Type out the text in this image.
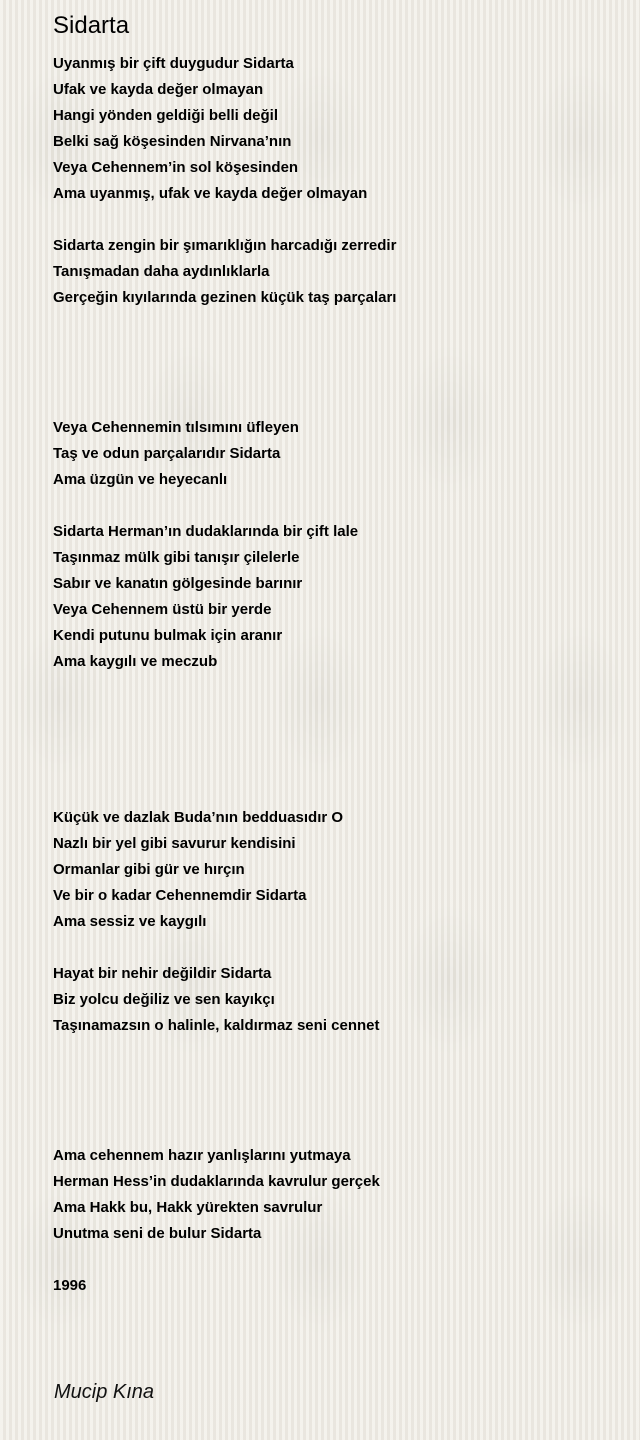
Sidarta
Uyanmış bir çift duygudur Sidarta
Ufak ve kayda değer olmayan
Hangi yönden geldiği belli değil
Belki sağ köşesinden Nirvana’nın
Veya Cehennem’in sol köşesinden
Ama uyanmış, ufak ve kayda değer olmayan
Sidarta zengin bir şımarıklığın harcadığı zerredir
Tanışmadan daha aydınlıklarla
Gerçeğin kıyılarında gezinen küçük taş parçaları
Veya Cehennemin tılsımını üfleyen
Taş ve odun parçalarıdır Sidarta
Ama üzgün ve heyecanlı
Sidarta Herman’ın dudaklarında bir çift lale
Taşınmaz mülk gibi tanışır çilelerle
Sabır ve kanatın gölgesinde barınır
Veya Cehennem üstü bir yerde
Kendi putunu bulmak için aranır
Ama kaygılı ve meczub
Küçük ve dazlak Buda’nın bedduasıdır O
Nazlı bir yel gibi savurur kendisini
Ormanlar gibi gür ve hırçın
Ve bir o kadar Cehennemdir Sidarta
Ama sessiz ve kaygılı
Hayat bir nehir değildir Sidarta
Biz yolcu değiliz ve sen kayıkçı
Taşınamazsın o halinle, kaldırmaz seni cennet
Ama cehennem hazır yanlışlarını yutmaya
Herman Hess’in dudaklarında kavrulur gerçek
Ama Hakk bu, Hakk yürekten savrulur
Unutma seni de bulur Sidarta
1996
Mucip Kına
